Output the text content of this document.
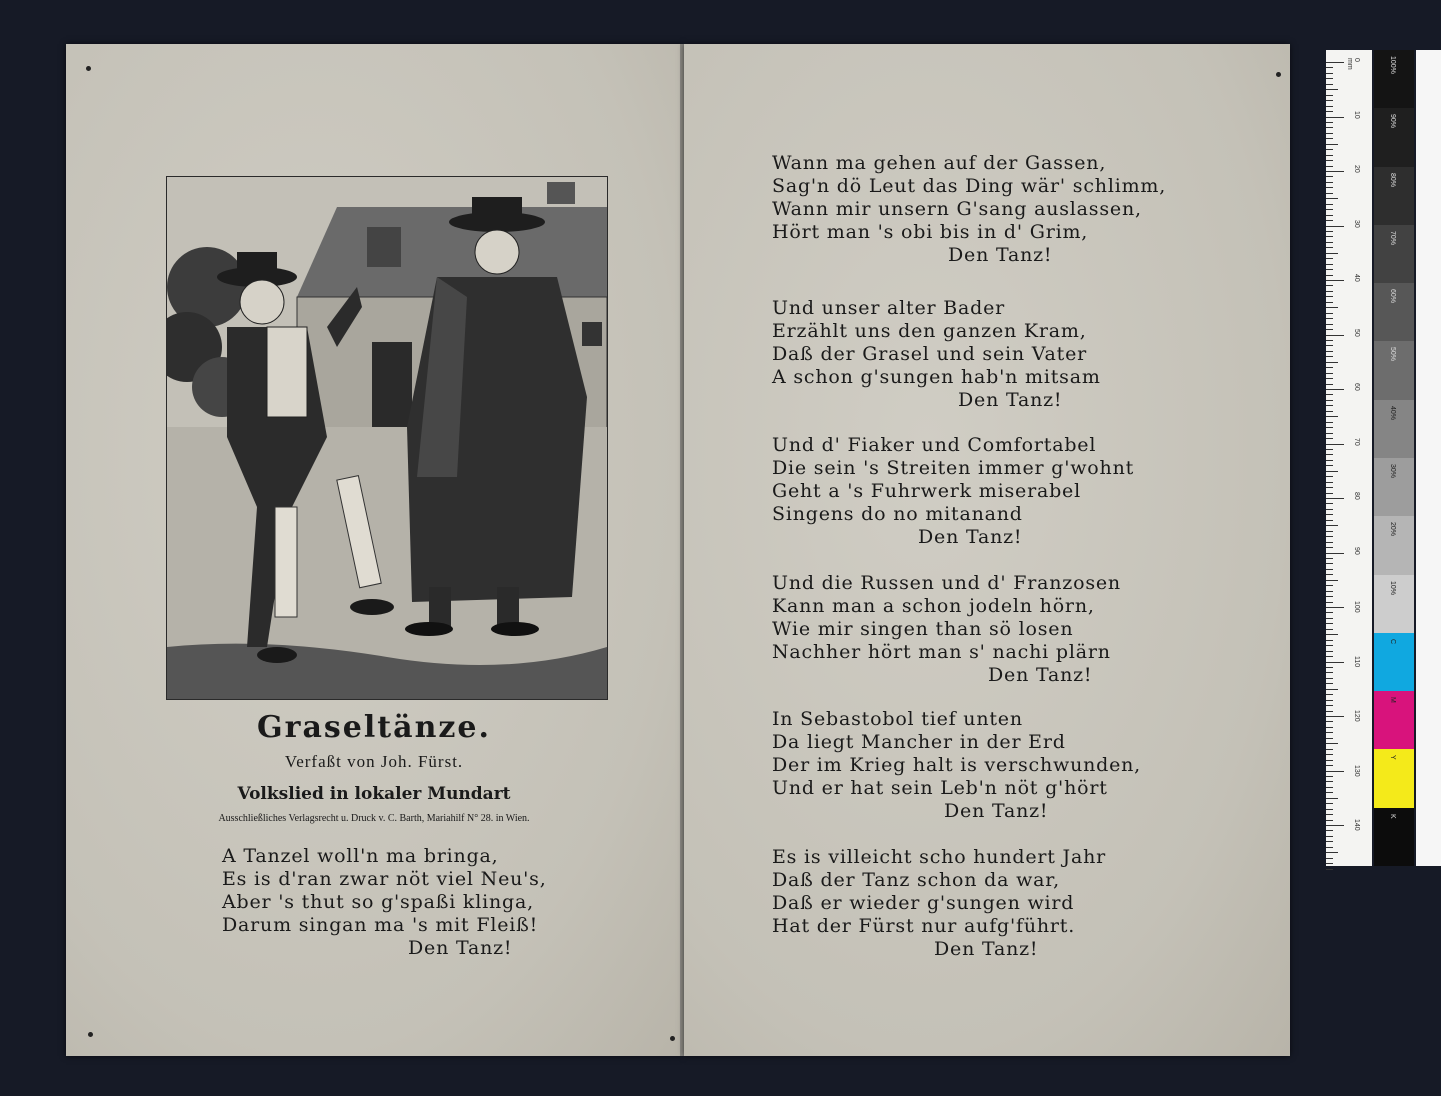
Graseltänze.
Verfaßt von Joh. Fürst.
Volkslied in lokaler Mundart
Ausschließliches Verlagsrecht u. Druck v. C. Barth, Mariahilf N° 28. in Wien.
A Tanzel woll'n ma bringa,
Es is d'ran zwar nöt viel Neu's,
Aber 's thut so g'spaßi klinga,
Darum singan ma 's mit Fleiß!
Den Tanz!
Wann ma gehen auf der Gassen,
Sag'n dö Leut das Ding wär' schlimm,
Wann mir unsern G'sang auslassen,
Hört man 's obi bis in d' Grim,
Den Tanz!
Und unser alter Bader
Erzählt uns den ganzen Kram,
Daß der Grasel und sein Vater
A schon g'sungen hab'n mitsam
Den Tanz!
Und d' Fiaker und Comfortabel
Die sein 's Streiten immer g'wohnt
Geht a 's Fuhrwerk miserabel
Singens do no mitanand
Den Tanz!
Und die Russen und d' Franzosen
Kann man a schon jodeln hörn,
Wie mir singen than sö losen
Nachher hört man s' nachi plärn
Den Tanz!
In Sebastobol tief unten
Da liegt Mancher in der Erd
Der im Krieg halt is verschwunden,
Und er hat sein Leb'n nöt g'hört
Den Tanz!
Es is villeicht scho hundert Jahr
Daß der Tanz schon da war,
Daß er wieder g'sungen wird
Hat der Fürst nur aufg'führt.
Den Tanz!
0 mm
10
20
30
40
50
60
70
80
90
100
110
120
130
140
100%
90%
80%
70%
60%
50%
40%
30%
20%
10%
C
M
Y
K
